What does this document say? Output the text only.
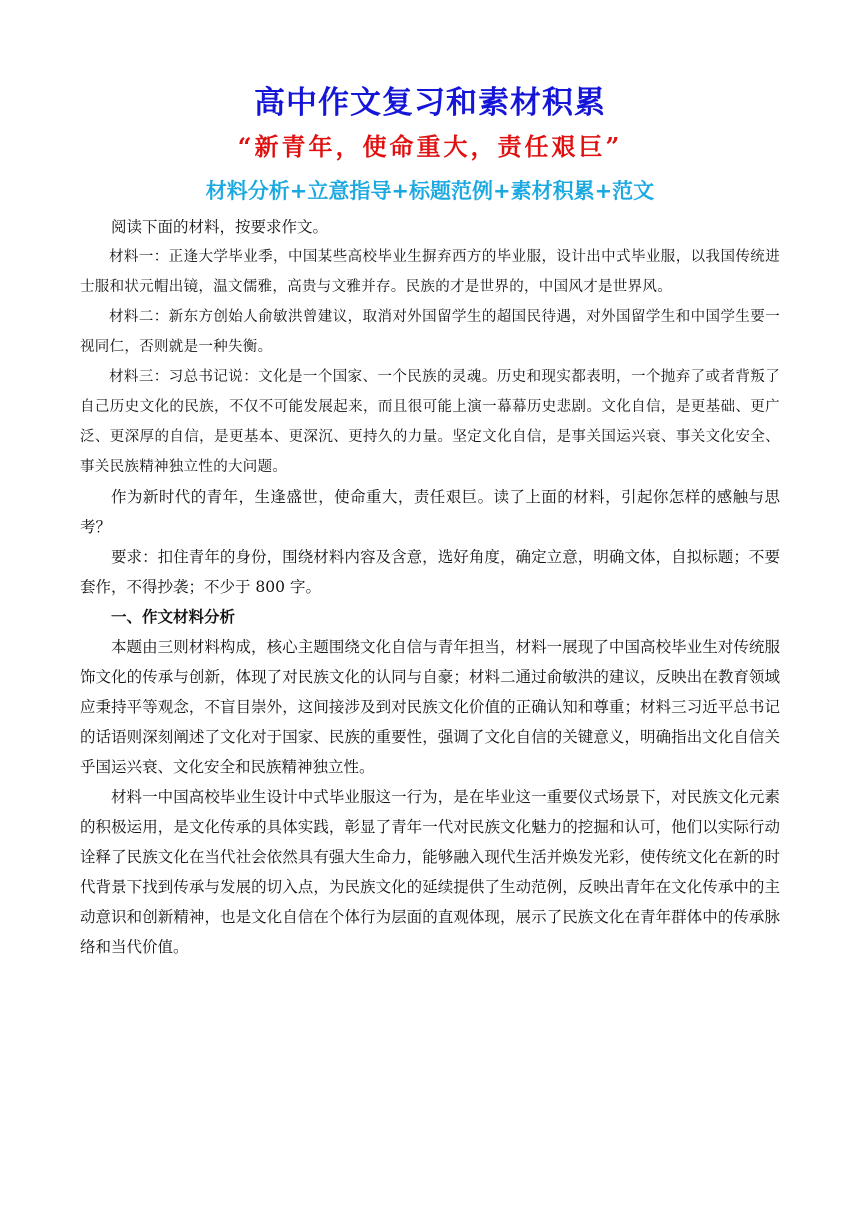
高中作文复习和素材积累
“新青年，使命重大，责任艰巨”
材料分析+立意指导+标题范例+素材积累+范文

阅读下面的材料，按要求作文。

材料一：正逢大学毕业季，中国某些高校毕业生摒弃西方的毕业服，设计出中式毕业服，以我国传统进士服和状元帽出镜，温文儒雅，高贵与文雅并存。民族的才是世界的，中国风才是世界风。

材料二：新东方创始人俞敏洪曾建议，取消对外国留学生的超国民待遇，对外国留学生和中国学生要一视同仁，否则就是一种失衡。

材料三：习总书记说：文化是一个国家、一个民族的灵魂。历史和现实都表明，一个抛弃了或者背叛了自己历史文化的民族，不仅不可能发展起来，而且很可能上演一幕幕历史悲剧。文化自信，是更基础、更广泛、更深厚的自信，是更基本、更深沉、更持久的力量。坚定文化自信，是事关国运兴衰、事关文化安全、事关民族精神独立性的大问题。

作为新时代的青年，生逢盛世，使命重大，责任艰巨。读了上面的材料，引起你怎样的感触与思考？

要求：扣住青年的身份，围绕材料内容及含意，选好角度，确定立意，明确文体，自拟标题；不要套作，不得抄袭；不少于 800 字。

一、作文材料分析

本题由三则材料构成，核心主题围绕文化自信与青年担当，材料一展现了中国高校毕业生对传统服饰文化的传承与创新，体现了对民族文化的认同与自豪；材料二通过俞敏洪的建议，反映出在教育领域应秉持平等观念，不盲目崇外，这间接涉及到对民族文化价值的正确认知和尊重；材料三习近平总书记的话语则深刻阐述了文化对于国家、民族的重要性，强调了文化自信的关键意义，明确指出文化自信关乎国运兴衰、文化安全和民族精神独立性。

材料一中国高校毕业生设计中式毕业服这一行为，是在毕业这一重要仪式场景下，对民族文化元素的积极运用，是文化传承的具体实践，彰显了青年一代对民族文化魅力的挖掘和认可，他们以实际行动诠释了民族文化在当代社会依然具有强大生命力，能够融入现代生活并焕发光彩，使传统文化在新的时代背景下找到传承与发展的切入点，为民族文化的延续提供了生动范例，反映出青年在文化传承中的主动意识和创新精神，也是文化自信在个体行为层面的直观体现，展示了民族文化在青年群体中的传承脉络和当代价值。
